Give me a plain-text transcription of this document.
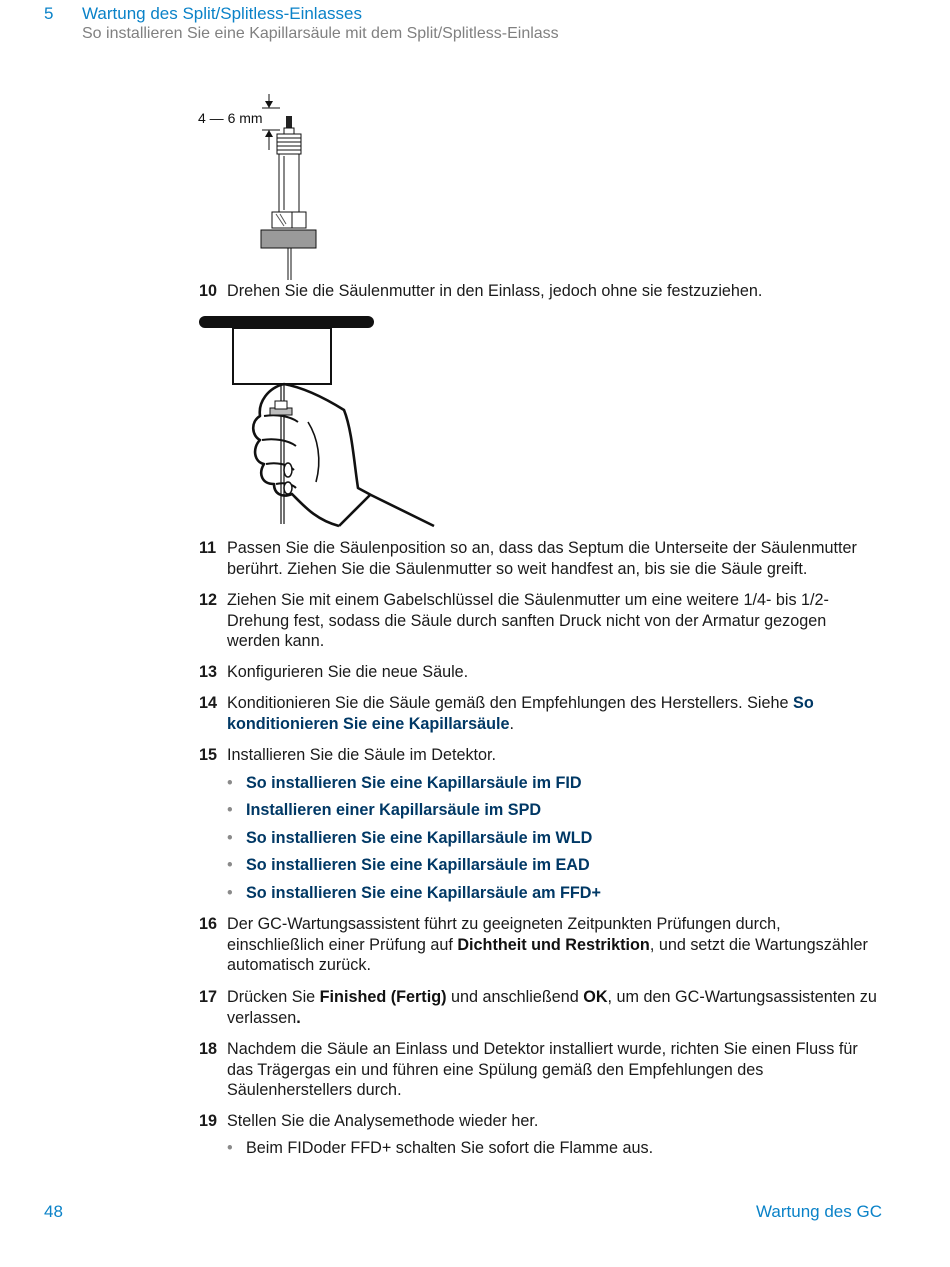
5 Wartung des Split/Splitless-Einlasses
So installieren Sie eine Kapillarsäule mit dem Split/Splitless-Einlass
4 — 6 mm
10 Drehen Sie die Säulenmutter in den Einlass, jedoch ohne sie festzuziehen.
11 Passen Sie die Säulenposition so an, dass das Septum die Unterseite der Säulenmutter berührt. Ziehen Sie die Säulenmutter so weit handfest an, bis sie die Säule greift.
12 Ziehen Sie mit einem Gabelschlüssel die Säulenmutter um eine weitere 1/4- bis 1/2-Drehung fest, sodass die Säule durch sanften Druck nicht von der Armatur gezogen werden kann.
13 Konfigurieren Sie die neue Säule.
14 Konditionieren Sie die Säule gemäß den Empfehlungen des Herstellers. Siehe So konditionieren Sie eine Kapillarsäule.
15 Installieren Sie die Säule im Detektor.
• So installieren Sie eine Kapillarsäule im FID
• Installieren einer Kapillarsäule im SPD
• So installieren Sie eine Kapillarsäule im WLD
• So installieren Sie eine Kapillarsäule im EAD
• So installieren Sie eine Kapillarsäule am FFD+
16 Der GC-Wartungsassistent führt zu geeigneten Zeitpunkten Prüfungen durch, einschließlich einer Prüfung auf Dichtheit und Restriktion, und setzt die Wartungszähler automatisch zurück.
17 Drücken Sie Finished (Fertig) und anschließend OK, um den GC-Wartungsassistenten zu verlassen.
18 Nachdem die Säule an Einlass und Detektor installiert wurde, richten Sie einen Fluss für das Trägergas ein und führen eine Spülung gemäß den Empfehlungen des Säulenherstellers durch.
19 Stellen Sie die Analysemethode wieder her.
• Beim FIDoder FFD+ schalten Sie sofort die Flamme aus.
48	Wartung des GC
